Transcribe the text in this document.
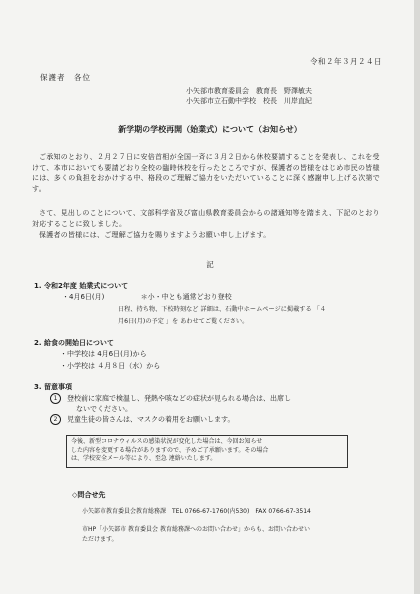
令和２年３月２４日
保護者　各位
小矢部市教育委員会　教育長　野澤敏夫
小矢部市立石動中学校　校長　川岸直紀
新学期の学校再開（始業式）について（お知らせ）
ご承知のとおり、２月２７日に安倍首相が全国一斉に３月２日から休校要請することを発表し、これを受けて、本市においても要請どおり全校の臨時休校を行ったところですが、保護者の皆様をはじめ市民の皆様には、多くの負担をおかけする中、格段のご理解ご協力をいただいていることに深く感謝申し上げる次第です。
さて、見出しのことについて、文部科学省及び富山県教育委員会からの諸通知等を踏まえ、下記のとおり対応することに致しました。
保護者の皆様には、ご理解ご協力を賜りますようお願い申し上げます。
記
1. 令和2年度 始業式について
・4月6日(月)	＊小・中とも通常どおり登校
日程、持ち物、下校時刻など 詳細は、石動中ホームページに掲載する 「４
月6日(月)の予定 」を あわせてご覧ください。
2. 給食の開始日について
・中学校は 4月6日(月)から
・小学校は ４月８日（水）から
3. 留意事項
1 登校前に家庭で検温し、発熱や咳などの症状が見られる場合は、出席し
ないでください。
2 児童生徒の皆さんは、マスクの着用をお願いします。
今後、新型コロナウィルスの感染状況が変化した場合は、今回お知らせ
した内容を変更する場合がありますので、予めご了承願います。その場合
は、学校安全メール等により、至急 連絡いたします。
◇問合せ先
小矢部市教育委員会教育総務課　TEL 0766-67-1760(内530)　FAX 0766-67-3514
市HP「小矢部市 教育委員会 教育総務課へのお問い合わせ」からも、お問い合わせい
ただけます。
